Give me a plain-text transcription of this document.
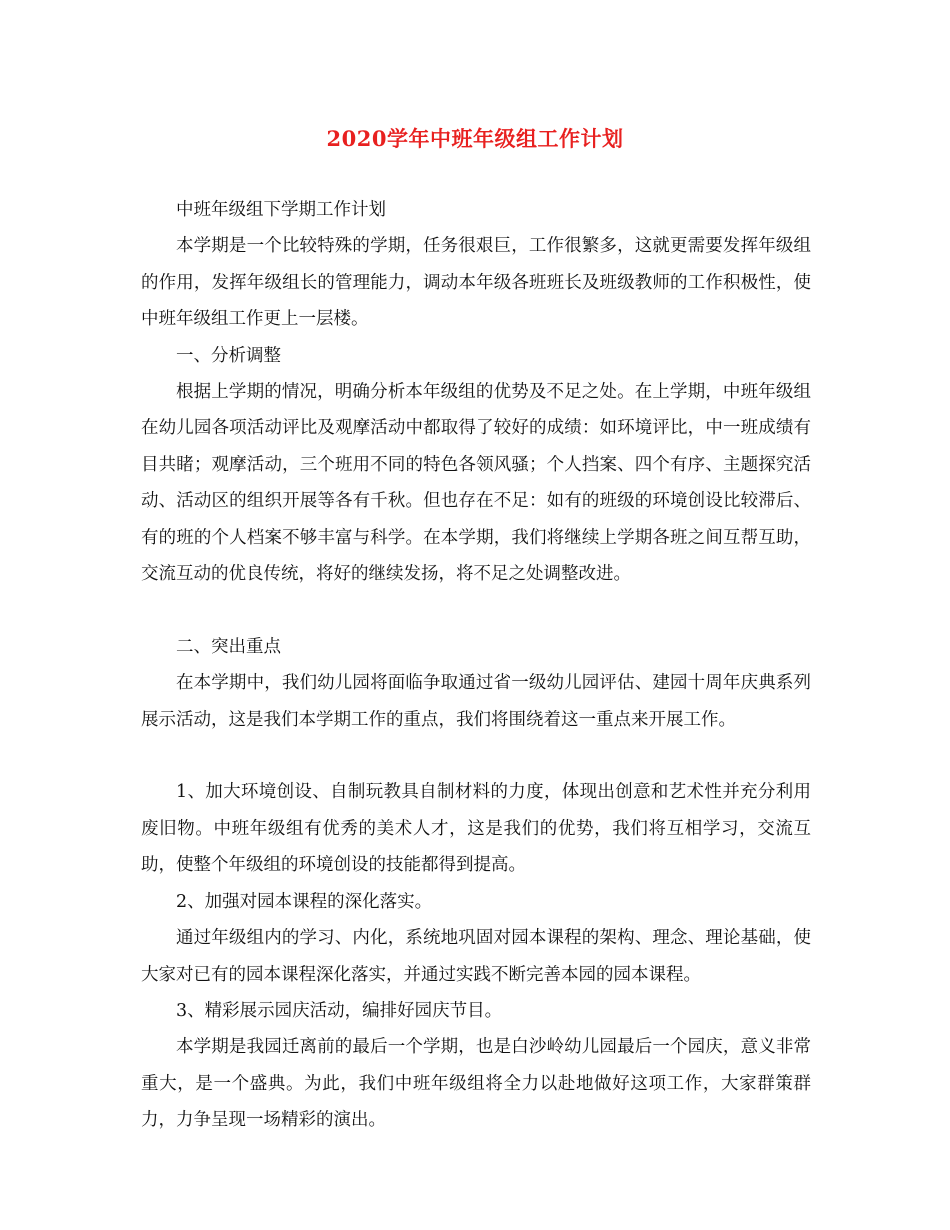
2020学年中班年级组工作计划

中班年级组下学期工作计划

本学期是一个比较特殊的学期，任务很艰巨，工作很繁多，这就更需要发挥年级组的作用，发挥年级组长的管理能力，调动本年级各班班长及班级教师的工作积极性，使中班年级组工作更上一层楼。

一、分析调整

根据上学期的情况，明确分析本年级组的优势及不足之处。在上学期，中班年级组在幼儿园各项活动评比及观摩活动中都取得了较好的成绩：如环境评比，中一班成绩有目共睹；观摩活动，三个班用不同的特色各领风骚；个人挡案、四个有序、主题探究活动、活动区的组织开展等各有千秋。但也存在不足：如有的班级的环境创设比较滞后、有的班的个人档案不够丰富与科学。在本学期，我们将继续上学期各班之间互帮互助，交流互动的优良传统，将好的继续发扬，将不足之处调整改进。

二、突出重点

在本学期中，我们幼儿园将面临争取通过省一级幼儿园评估、建园十周年庆典系列展示活动，这是我们本学期工作的重点，我们将围绕着这一重点来开展工作。

1、加大环境创设、自制玩教具自制材料的力度，体现出创意和艺术性并充分利用废旧物。中班年级组有优秀的美术人才，这是我们的优势，我们将互相学习，交流互助，使整个年级组的环境创设的技能都得到提高。

2、加强对园本课程的深化落实。

通过年级组内的学习、内化，系统地巩固对园本课程的架构、理念、理论基础，使大家对已有的园本课程深化落实，并通过实践不断完善本园的园本课程。

3、精彩展示园庆活动，编排好园庆节目。

本学期是我园迁离前的最后一个学期，也是白沙岭幼儿园最后一个园庆，意义非常重大，是一个盛典。为此，我们中班年级组将全力以赴地做好这项工作，大家群策群力，力争呈现一场精彩的演出。
